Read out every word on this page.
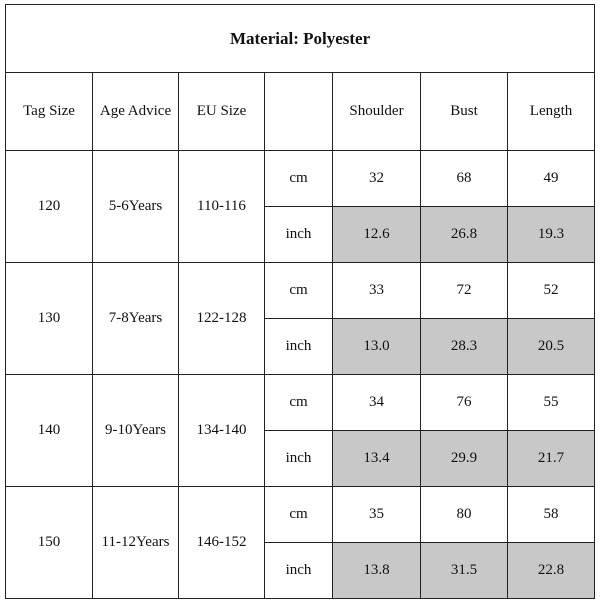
Material: Polyester						
Tag Size	Age Advice	EU Size		Shoulder	Bust	Length
120	5-6Years	110-116	cm	32	68	49
			inch	12.6	26.8	19.3
130	7-8Years	122-128	cm	33	72	52
			inch	13.0	28.3	20.5
140	9-10Years	134-140	cm	34	76	55
			inch	13.4	29.9	21.7
150	11-12Years	146-152	cm	35	80	58
			inch	13.8	31.5	22.8
